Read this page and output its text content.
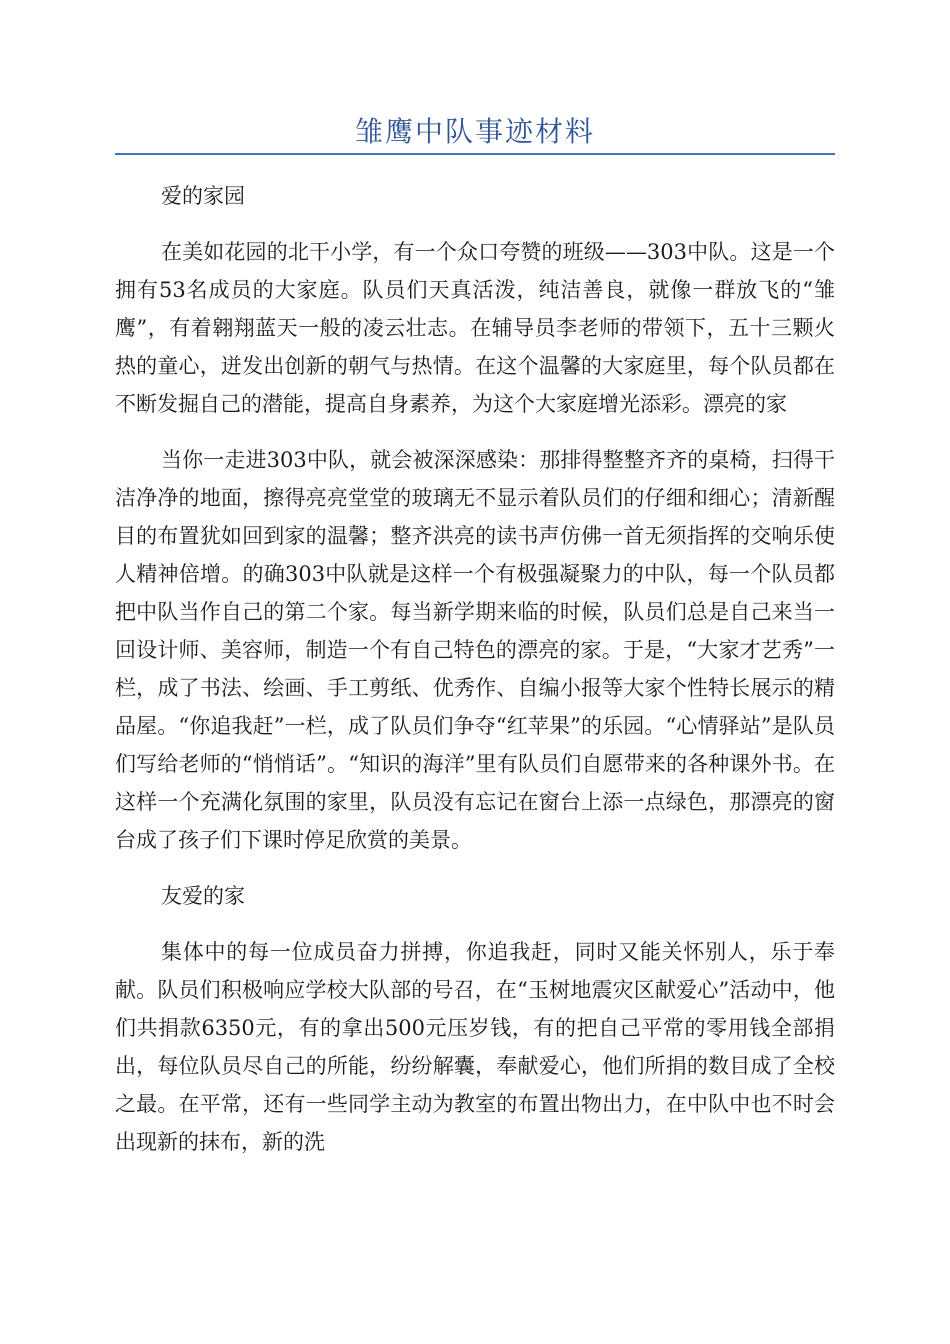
雏鹰中队事迹材料

爱的家园

在美如花园的北干小学，有一个众口夸赞的班级——303中队。这是一个拥有53名成员的大家庭。队员们天真活泼，纯洁善良，就像一群放飞的“雏鹰”，有着翱翔蓝天一般的凌云壮志。在辅导员李老师的带领下，五十三颗火热的童心，迸发出创新的朝气与热情。在这个温馨的大家庭里，每个队员都在不断发掘自己的潜能，提高自身素养，为这个大家庭增光添彩。漂亮的家

当你一走进303中队，就会被深深感染：那排得整整齐齐的桌椅，扫得干洁净净的地面，擦得亮亮堂堂的玻璃无不显示着队员们的仔细和细心；清新醒目的布置犹如回到家的温馨；整齐洪亮的读书声仿佛一首无须指挥的交响乐使人精神倍增。的确303中队就是这样一个有极强凝聚力的中队，每一个队员都把中队当作自己的第二个家。每当新学期来临的时候，队员们总是自己来当一回设计师、美容师，制造一个有自己特色的漂亮的家。于是，“大家才艺秀”一栏，成了书法、绘画、手工剪纸、优秀作、自编小报等大家个性特长展示的精品屋。“你追我赶”一栏，成了队员们争夺“红苹果”的乐园。“心情驿站”是队员们写给老师的“悄悄话”。“知识的海洋”里有队员们自愿带来的各种课外书。在这样一个充满化氛围的家里，队员没有忘记在窗台上添一点绿色，那漂亮的窗台成了孩子们下课时停足欣赏的美景。

友爱的家

集体中的每一位成员奋力拼搏，你追我赶，同时又能关怀别人，乐于奉献。队员们积极响应学校大队部的号召，在“玉树地震灾区献爱心”活动中，他们共捐款6350元，有的拿出500元压岁钱，有的把自己平常的零用钱全部捐出，每位队员尽自己的所能，纷纷解囊，奉献爱心，他们所捐的数目成了全校之最。在平常，还有一些同学主动为教室的布置出物出力，在中队中也不时会出现新的抹布，新的洗
